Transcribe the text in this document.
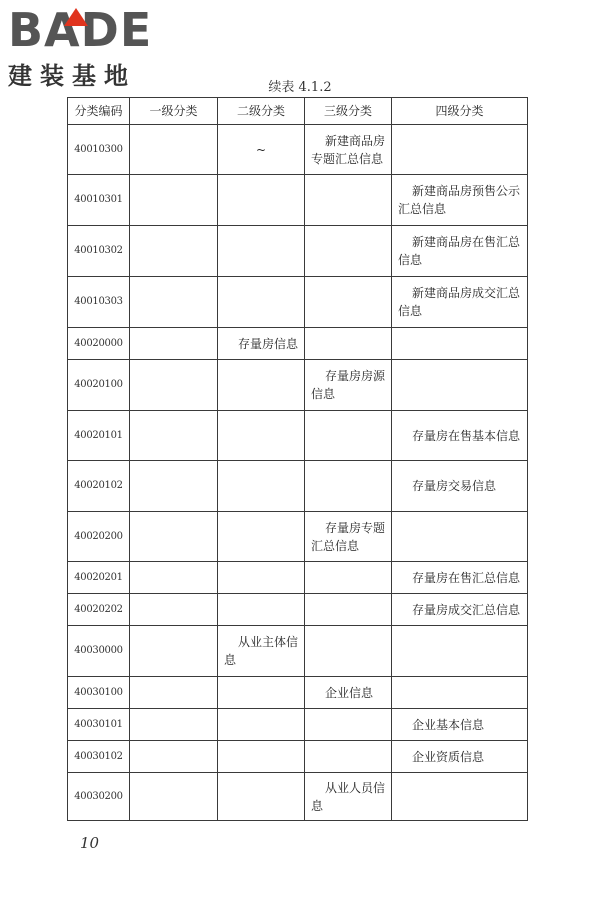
BADE
建装基地	续表 4.1.2
分类编码	一级分类	二级分类	三级分类	四级分类
40010300		~	新建商品房专题汇总信息	
40010301				新建商品房预售公示汇总信息
40010302				新建商品房在售汇总信息
40010303				新建商品房成交汇总信息
40020000		存量房信息		
40020100			存量房房源信息	
40020101				存量房在售基本信息
40020102				存量房交易信息
40020200			存量房专题汇总信息	
40020201				存量房在售汇总信息
40020202				存量房成交汇总信息
40030000		从业主体信息		
40030100			企业信息	
40030101				企业基本信息
40030102				企业资质信息
40030200			从业人员信息	
10
